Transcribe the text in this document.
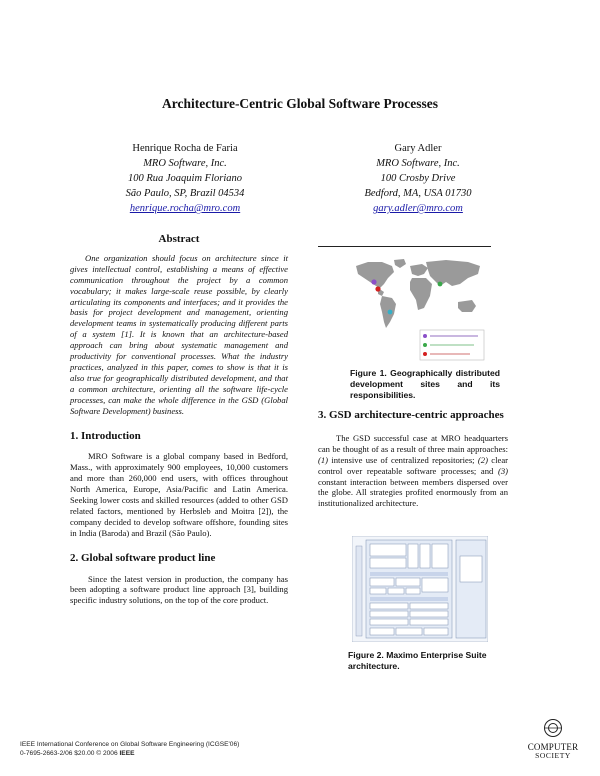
Architecture-Centric Global Software Processes
Henrique Rocha de Faria
MRO Software, Inc.
100 Rua Joaquim Floriano
São Paulo, SP, Brazil 04534
henrique.rocha@mro.com
Gary Adler
MRO Software, Inc.
100 Crosby Drive
Bedford, MA, USA 01730
gary.adler@mro.com
Abstract

One organization should focus on architecture since it gives intellectual control, establishing a means of effective communication throughout the project by a common vocabulary; it makes large-scale reuse possible, by clearly articulating its components and interfaces; and it provides the basis for project development and management, orienting development teams in systematically producing different parts of a system [1]. It is known that an architecture-based approach can bring about systematic management and productivity for conventional processes. What the industry practices, analyzed in this paper, comes to show is that it is also true for geographically distributed development, and that a common architecture, orienting all the software life-cycle processes, can make the whole difference in the GSD (Global Software Development) business.

1. Introduction

MRO Software is a global company based in Bedford, Mass., with approximately 900 employees, 10,000 customers and more than 260,000 end users, with offices throughout North America, Europe, Asia/Pacific and Latin America. Seeking lower costs and skilled resources (added to other GSD related factors, mentioned by Herbsleb and Moitra [2]), the company decided to develop software offshore, founding sites in India (Baroda) and Brazil (São Paulo).

2. Global software product line

Since the latest version in production, the company has been adopting a software product line approach [3], building specific industry solutions, on the top of the core product.

Figure 1. Geographically distributed development sites and its responsibilities.
3. GSD architecture-centric approaches

The GSD successful case at MRO headquarters can be thought of as a result of three main approaches: (1) intensive use of centralized repositories; (2) clear control over repeatable software processes; and (3) constant interaction between members dispersed over the globe. All strategies profited enormously from an institutionalized architecture.

Figure 2. Maximo Enterprise Suite architecture.
IEEE International Conference on Global Software Engineering (ICGSE'06)
0-7695-2663-2/06 $20.00 © 2006 IEEE
COMPUTER
SOCIETY
